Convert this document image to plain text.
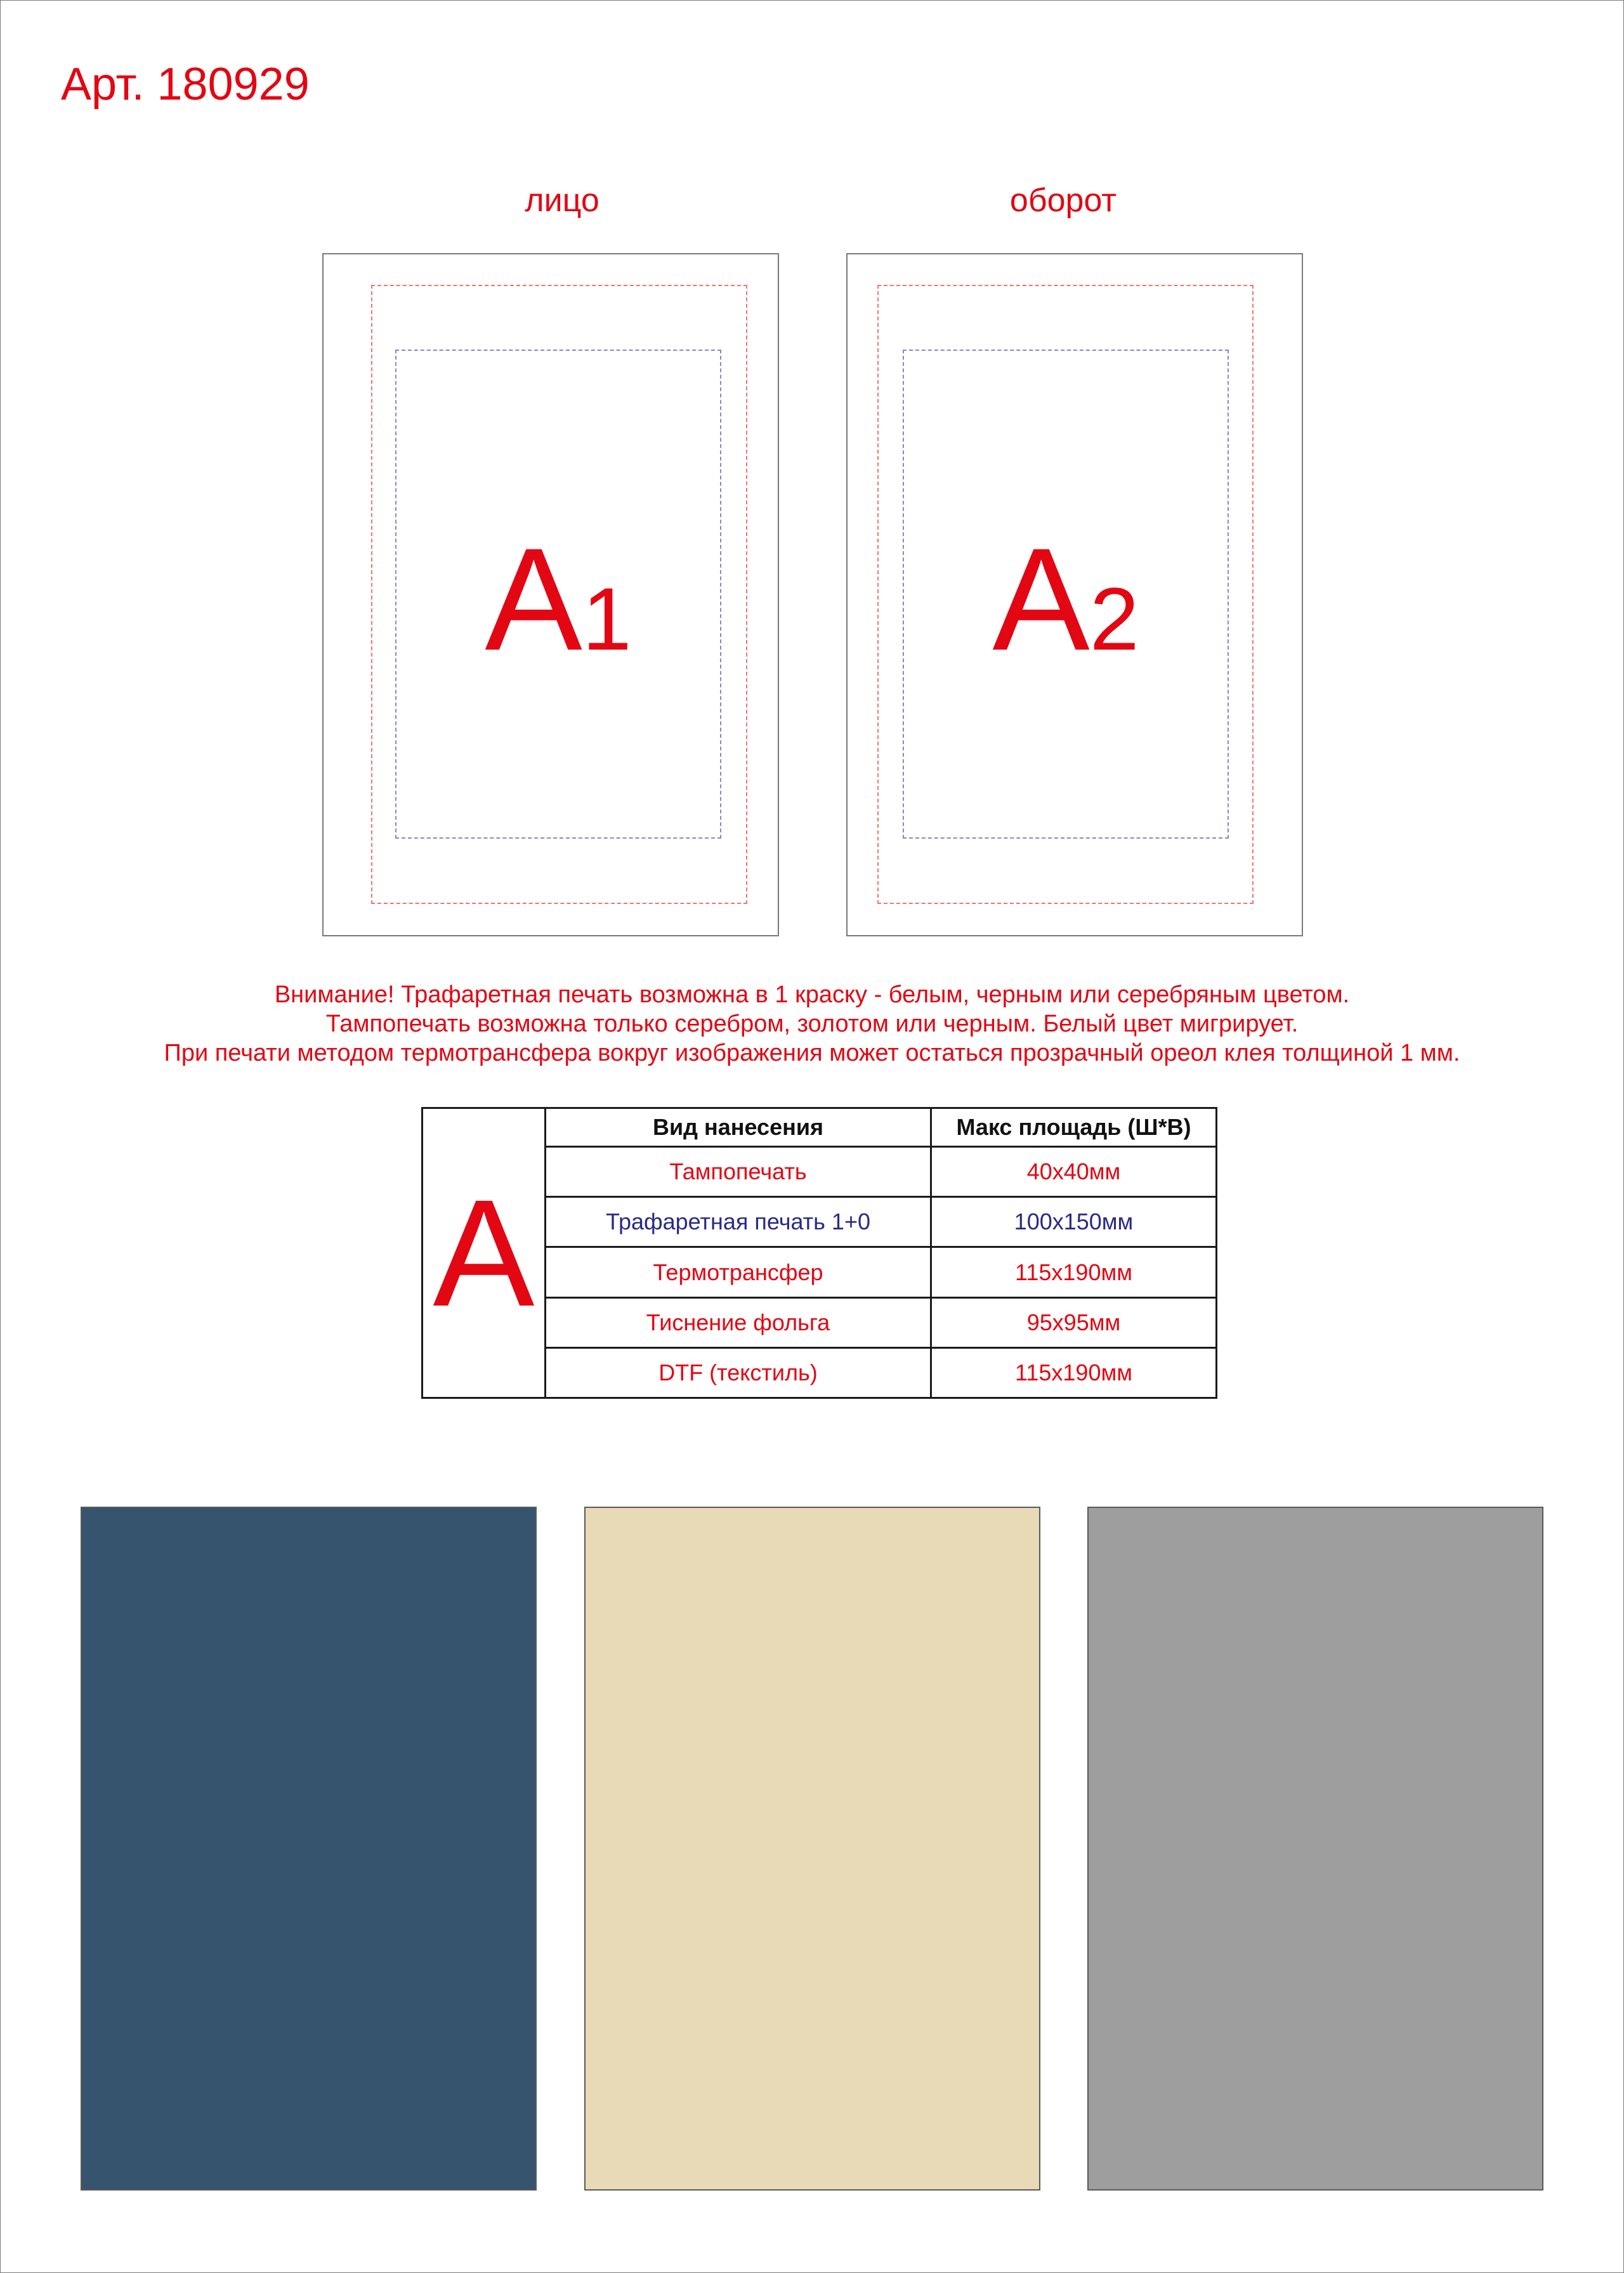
Арт. 180929
лицо
A1
оборот
A2
Внимание! Трафаретная печать возможна в 1 краску - белым, черным или серебряным цветом.
Тампопечать возможна только серебром, золотом или черным. Белый цвет мигрирует.
При печати методом термотрансфера вокруг изображения может остаться прозрачный ореол клея толщиной 1 мм.
A	Вид нанесения	Макс площадь (Ш*В)
	Тампопечать	40х40мм
	Трафаретная печать 1+0	100х150мм
	Термотрансфер	115х190мм
	Тиснение фольга	95х95мм
	DTF (текстиль)	115х190мм
